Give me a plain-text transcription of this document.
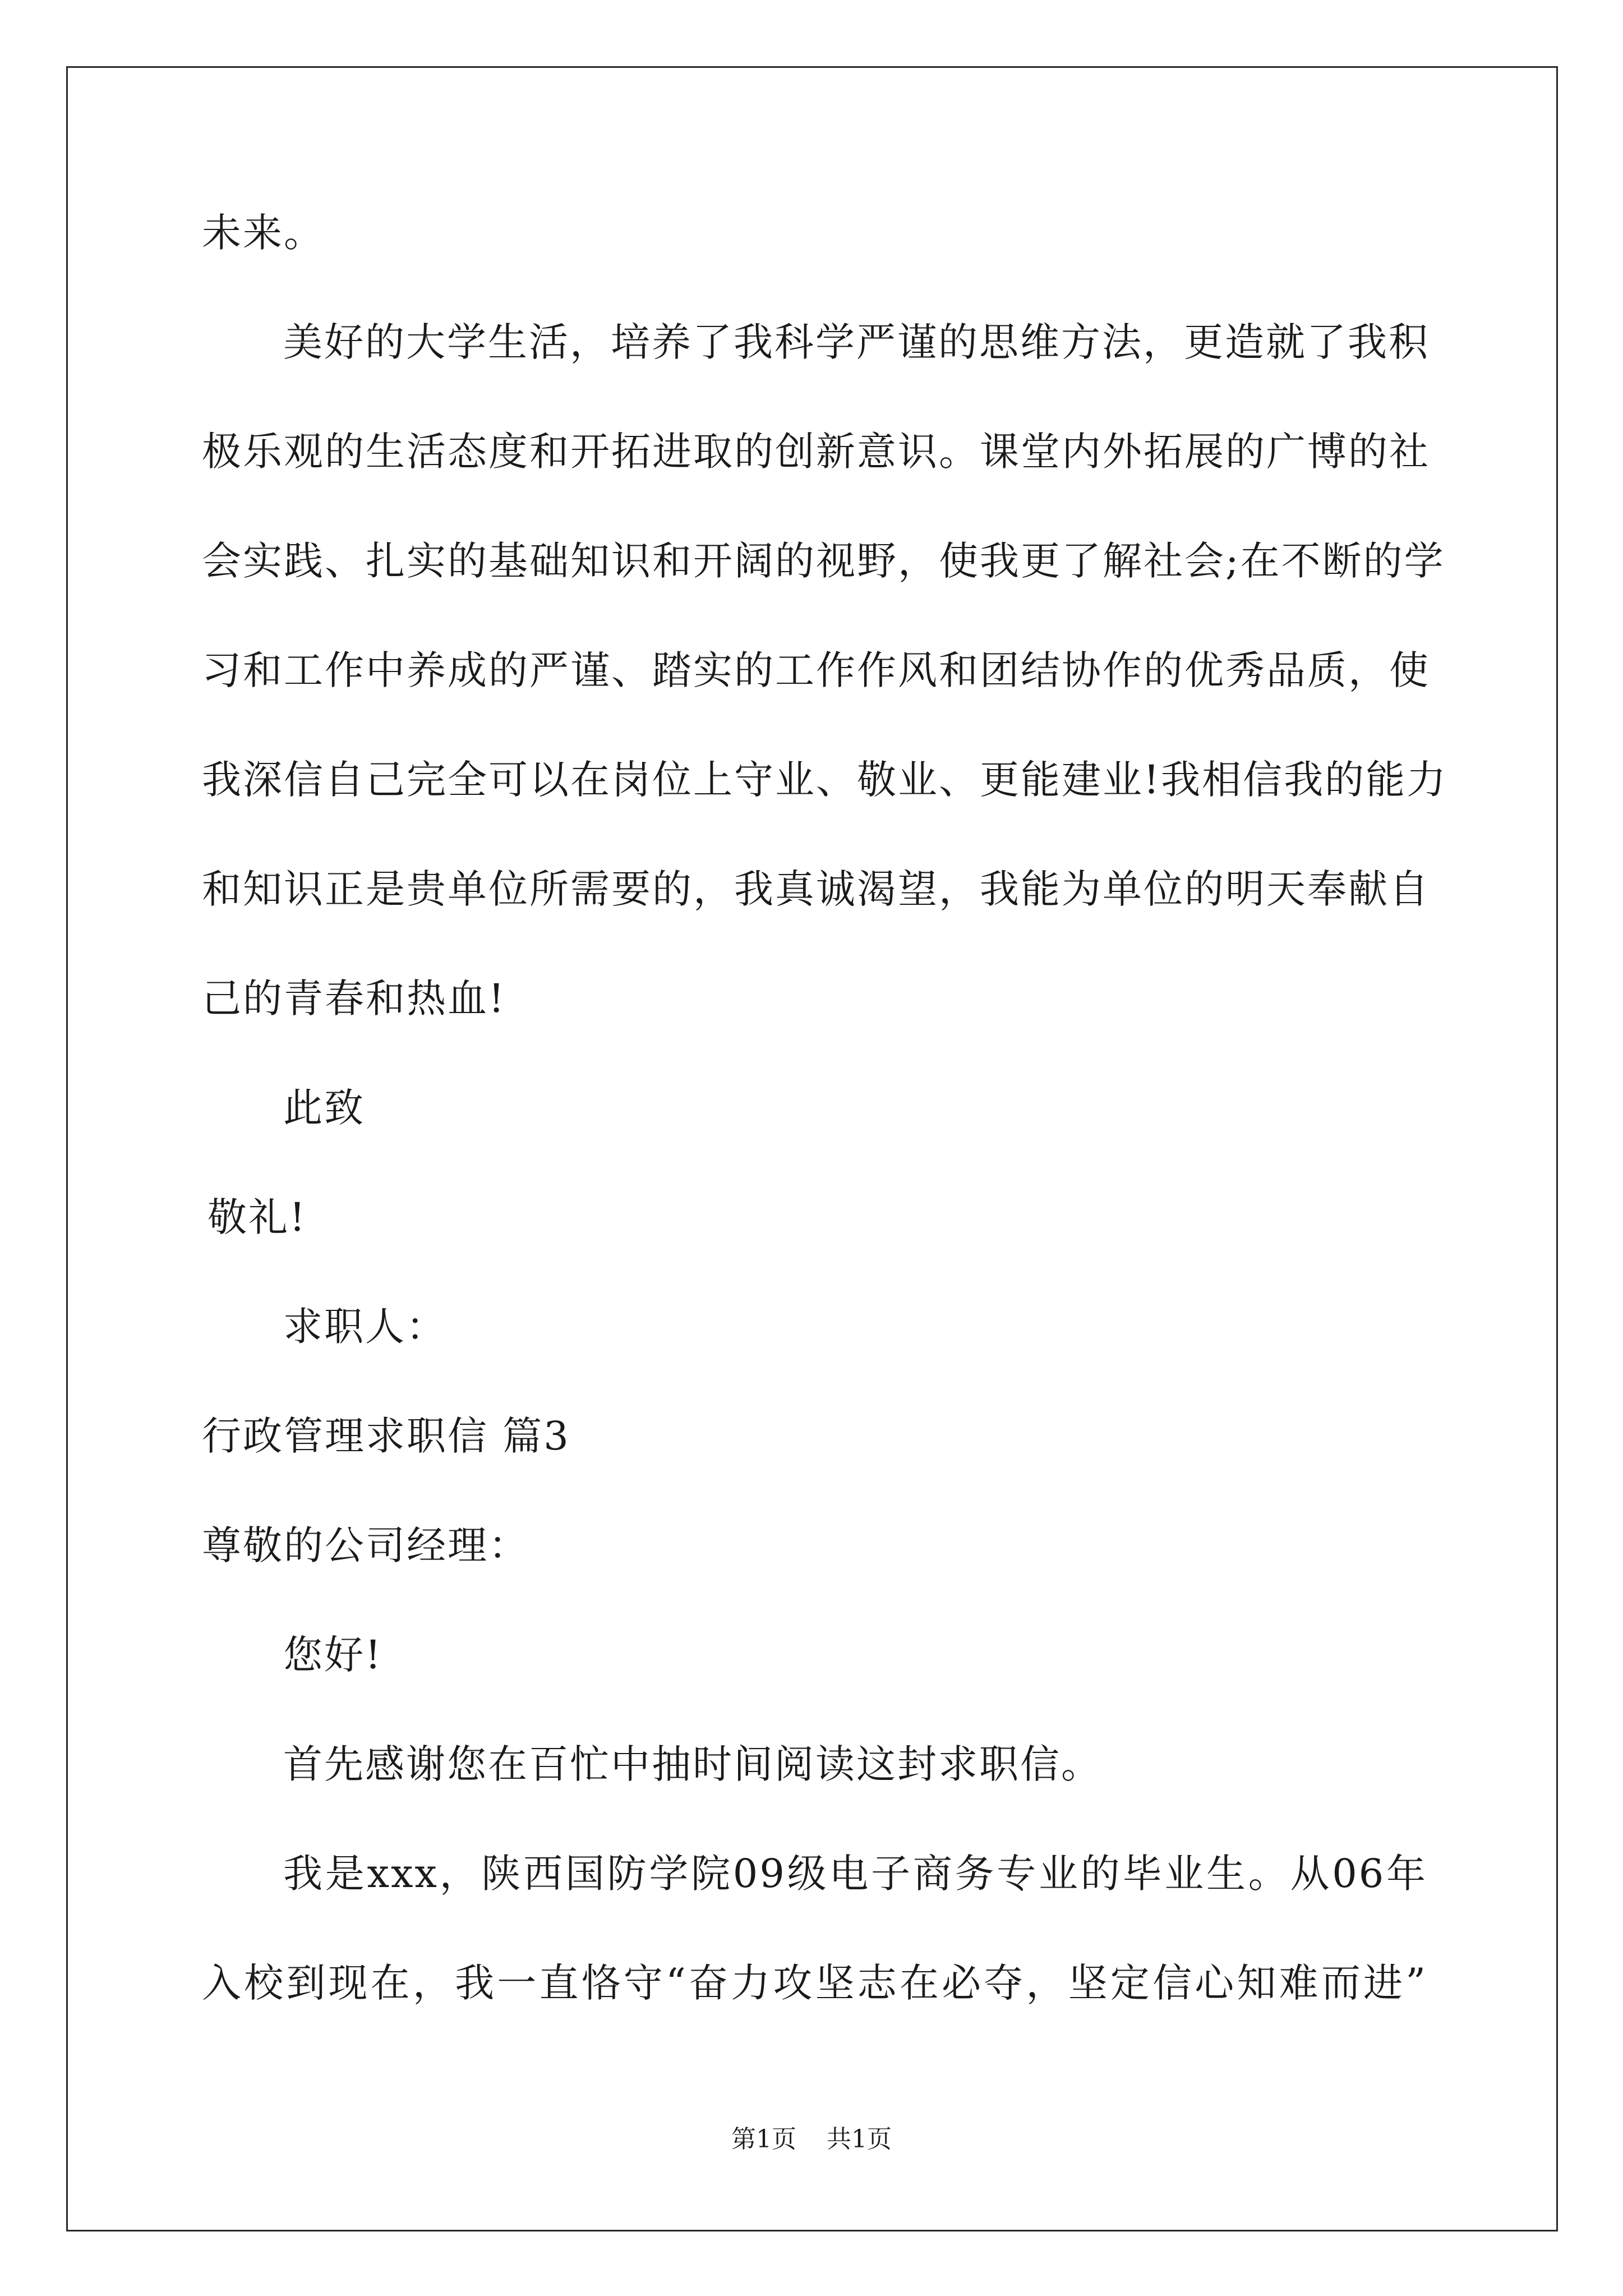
未来。
美好的大学生活，培养了我科学严谨的思维方法，更造就了我积
极乐观的生活态度和开拓进取的创新意识。课堂内外拓展的广博的社
会实践、扎实的基础知识和开阔的视野，使我更了解社会;在不断的学
习和工作中养成的严谨、踏实的工作作风和团结协作的优秀品质，使
我深信自己完全可以在岗位上守业、敬业、更能建业!我相信我的能力
和知识正是贵单位所需要的，我真诚渴望，我能为单位的明天奉献自
己的青春和热血!
此致
敬礼!
求职人：
行政管理求职信 篇3
尊敬的公司经理：
您好!
首先感谢您在百忙中抽时间阅读这封求职信。
我是xxx，陕西国防学院09级电子商务专业的毕业生。从06年
入校到现在，我一直恪守“奋力攻坚志在必夺，坚定信心知难而进”
第1页 共1页
